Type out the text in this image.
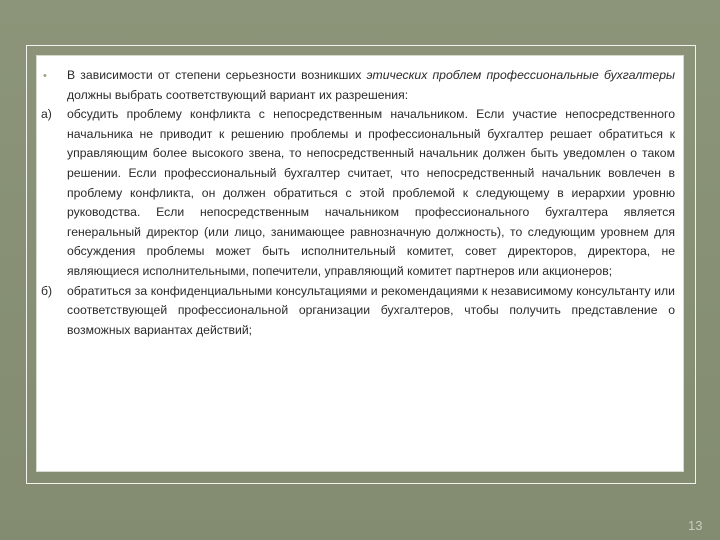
• В зависимости от степени серьезности возникших этических проблем профессиональные бухгалтеры должны выбрать соответствующий вариант их разрешения:
а) обсудить проблему конфликта с непосредственным начальником. Если участие непосредственного начальника не приводит к решению проблемы и профессиональный бухгалтер решает обратиться к управляющим более высокого звена, то непосредственный начальник должен быть уведомлен о таком решении. Если профессиональный бухгалтер считает, что непосредственный начальник вовлечен в проблему конфликта, он должен обратиться с этой проблемой к следующему в иерархии уровню руководства. Если непосредственным начальником профессионального бухгалтера является генеральный директор (или лицо, занимающее равнозначную должность), то следующим уровнем для обсуждения проблемы может быть исполнительный комитет, совет директоров, директора, не являющиеся исполнительными, попечители, управляющий комитет партнеров или акционеров;
б) обратиться за конфиденциальными консультациями и рекомендациями к независимому консультанту или соответствующей профессиональной организации бухгалтеров, чтобы получить представление о возможных вариантах действий;
13
